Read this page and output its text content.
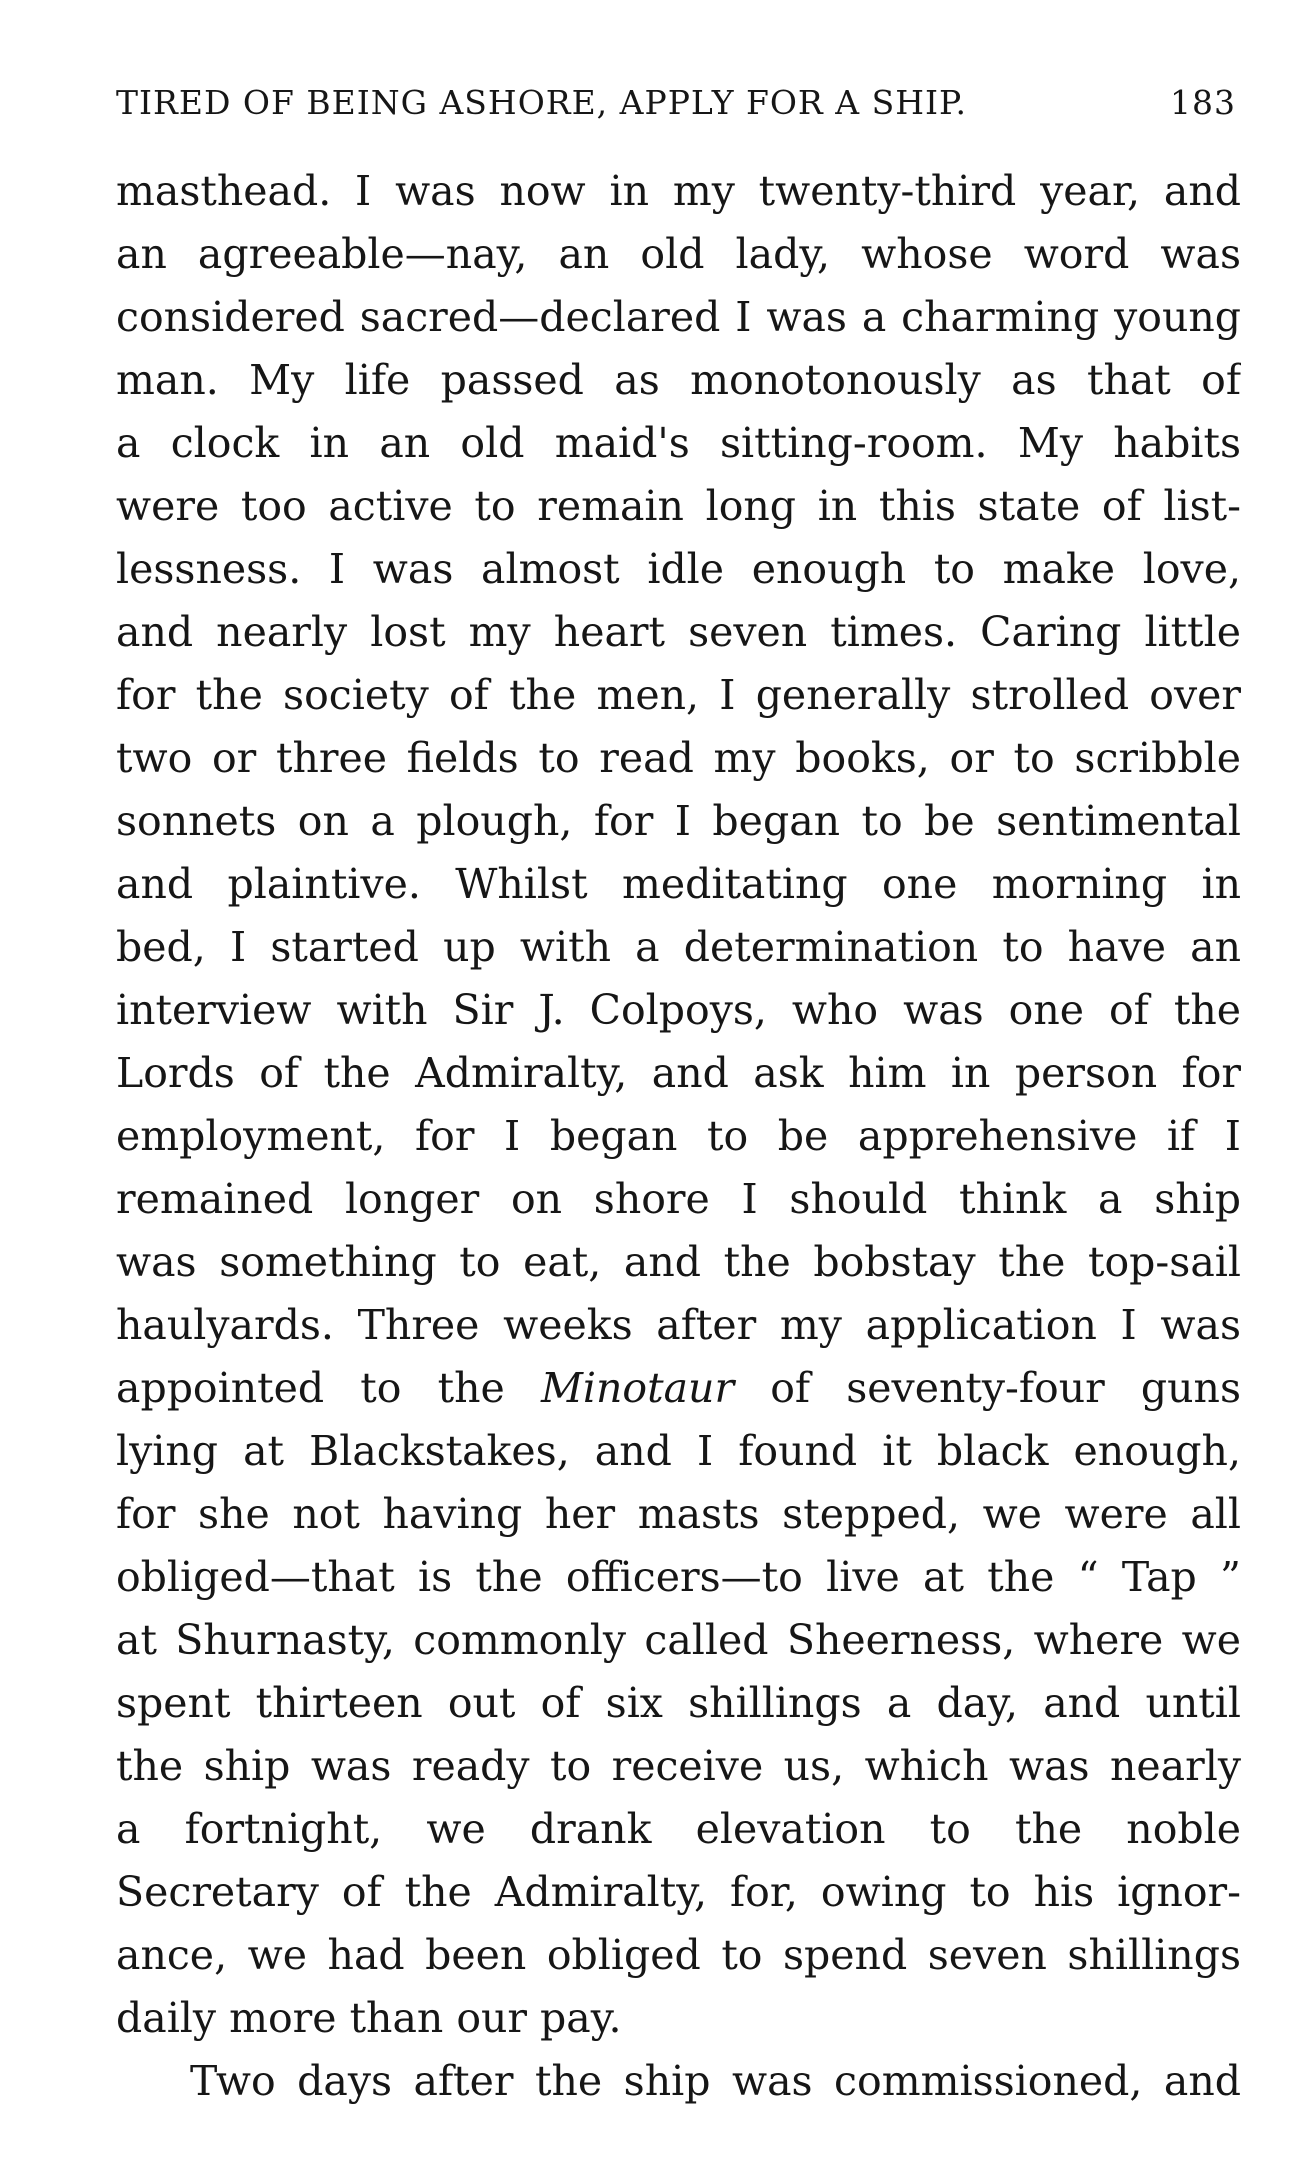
TIRED OF BEING ASHORE, APPLY FOR A SHIP.	183
masthead. I was now in my twenty-third year, and
an agreeable—nay, an old lady, whose word was
considered sacred—declared I was a charming young
man. My life passed as monotonously as that of
a clock in an old maid's sitting-room. My habits
were too active to remain long in this state of list-
lessness. I was almost idle enough to make love,
and nearly lost my heart seven times. Caring little
for the society of the men, I generally strolled over
two or three fields to read my books, or to scribble
sonnets on a plough, for I began to be sentimental
and plaintive. Whilst meditating one morning in
bed, I started up with a determination to have an
interview with Sir J. Colpoys, who was one of the
Lords of the Admiralty, and ask him in person for
employment, for I began to be apprehensive if I
remained longer on shore I should think a ship
was something to eat, and the bobstay the top-sail
haulyards. Three weeks after my application I was
appointed to the Minotaur of seventy-four guns
lying at Blackstakes, and I found it black enough,
for she not having her masts stepped, we were all
obliged—that is the officers—to live at the “ Tap ”
at Shurnasty, commonly called Sheerness, where we
spent thirteen out of six shillings a day, and until
the ship was ready to receive us, which was nearly
a fortnight, we drank elevation to the noble
Secretary of the Admiralty, for, owing to his ignor-
ance, we had been obliged to spend seven shillings
daily more than our pay.
Two days after the ship was commissioned, and
